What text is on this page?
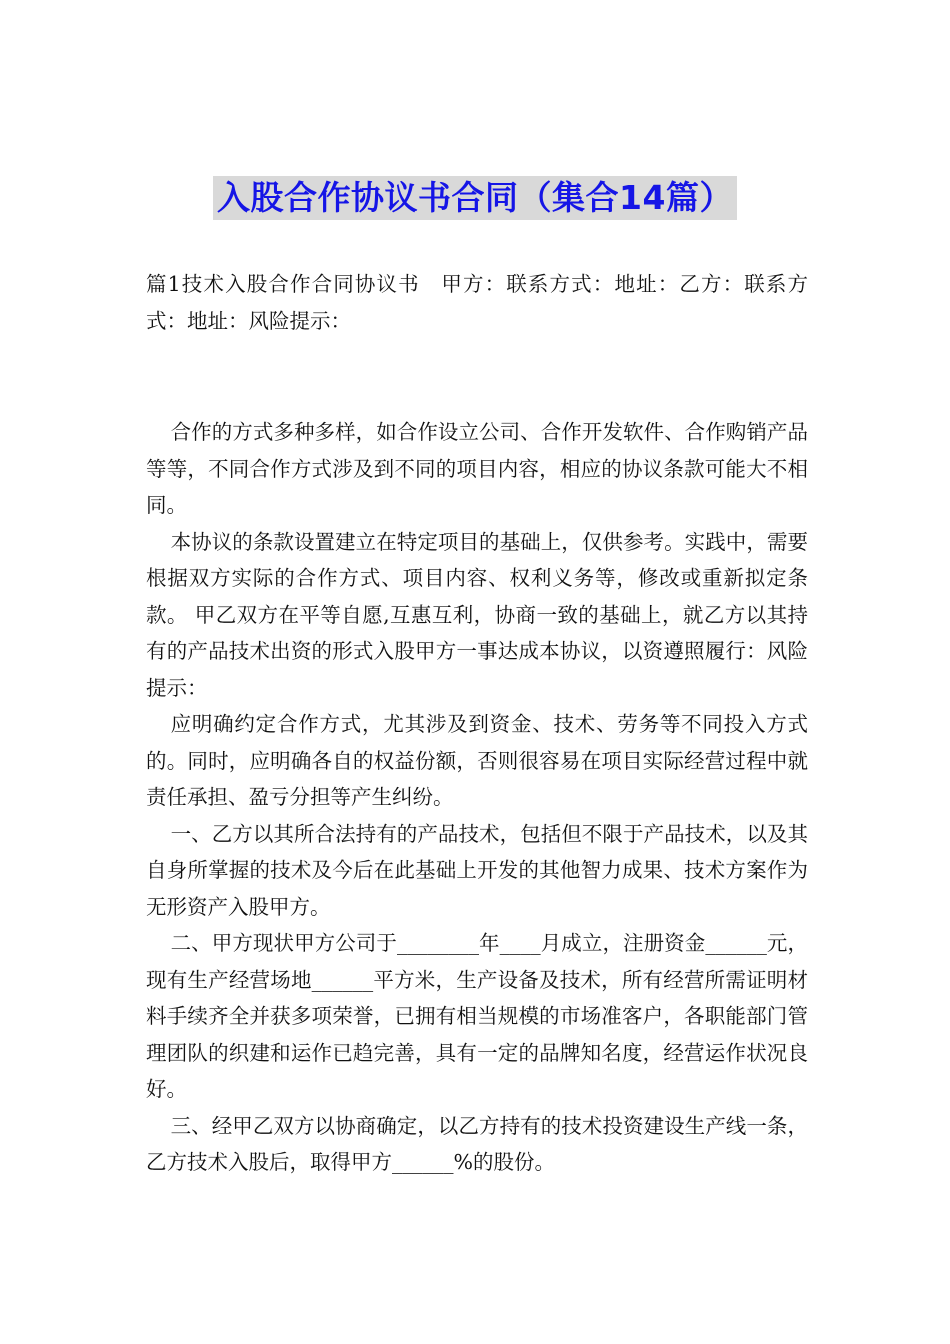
入股合作协议书合同（集合14篇）

篇1技术入股合作合同协议书　甲方：联系方式：地址：乙方：联系方式：地址：风险提示：

合作的方式多种多样，如合作设立公司、合作开发软件、合作购销产品等等，不同合作方式涉及到不同的项目内容，相应的协议条款可能大不相同。

本协议的条款设置建立在特定项目的基础上，仅供参考。实践中，需要根据双方实际的合作方式、项目内容、权利义务等，修改或重新拟定条款。 甲乙双方在平等自愿,互惠互利，协商一致的基础上，就乙方以其持有的产品技术出资的形式入股甲方一事达成本协议，以资遵照履行：风险提示：

应明确约定合作方式，尤其涉及到资金、技术、劳务等不同投入方式的。同时，应明确各自的权益份额，否则很容易在项目实际经营过程中就责任承担、盈亏分担等产生纠纷。

一、乙方以其所合法持有的产品技术，包括但不限于产品技术，以及其自身所掌握的技术及今后在此基础上开发的其他智力成果、技术方案作为无形资产入股甲方。

二、甲方现状甲方公司于________年____月成立，注册资金______元，现有生产经营场地______平方米，生产设备及技术，所有经营所需证明材料手续齐全并获多项荣誉，已拥有相当规模的市场准客户，各职能部门管理团队的织建和运作已趋完善，具有一定的品牌知名度，经营运作状况良好。

三、经甲乙双方以协商确定，以乙方持有的技术投资建设生产线一条，乙方技术入股后，取得甲方______%的股份。
